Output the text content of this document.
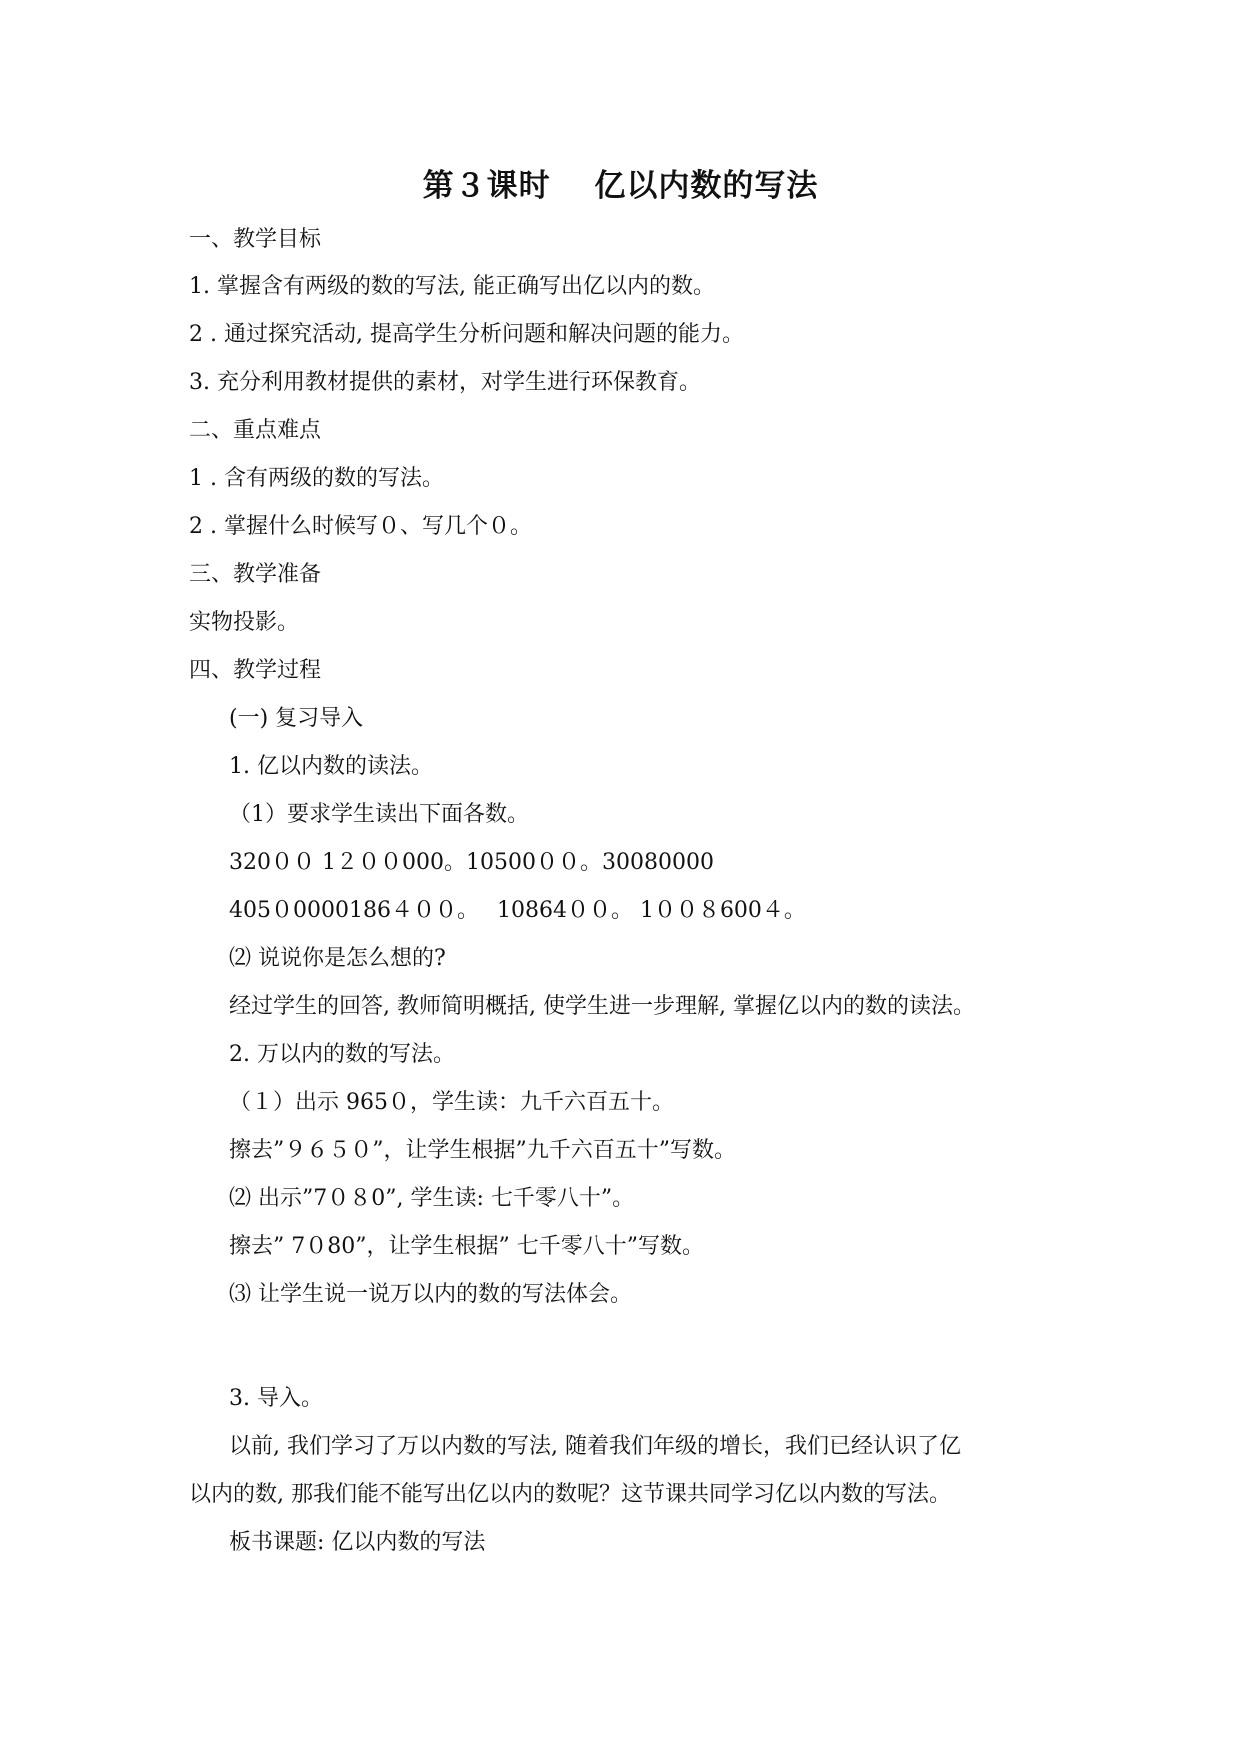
第３课时　 亿以内数的写法
一、教学目标
1. 掌握含有两级的数的写法, 能正确写出亿以内的数。
2 . 通过探究活动, 提高学生分析问题和解决问题的能力。
3. 充分利用教材提供的素材，对学生进行环保教育。
二、重点难点
1 . 含有两级的数的写法。
2 . 掌握什么时候写０、写几个０。
三、教学准备
实物投影。
四、教学过程
(一) 复习导入
1. 亿以内数的读法。
（1）要求学生读出下面各数。
320００ 1２００000。10500００。30080000
405０0000186４００。　 10864００。 1００８600４。
⑵ 说说你是怎么想的?
经过学生的回答, 教师简明概括, 使学生进一步理解, 掌握亿以内的数的读法。
2. 万以内的数的写法。
（１）出示 965０，学生读：九千六百五十。
擦去”９６５０”，让学生根据”九千六百五十”写数。
⑵ 出示”7０８0”, 学生读: 七千零八十”。
擦去” 7０80”，让学生根据” 七千零八十”写数。
⑶ 让学生说一说万以内的数的写法体会。
3. 导入。
以前, 我们学习了万以内数的写法, 随着我们年级的增长，我们已经认识了亿
以内的数, 那我们能不能写出亿以内的数呢？这节课共同学习亿以内数的写法。
板书课题: 亿以内数的写法
